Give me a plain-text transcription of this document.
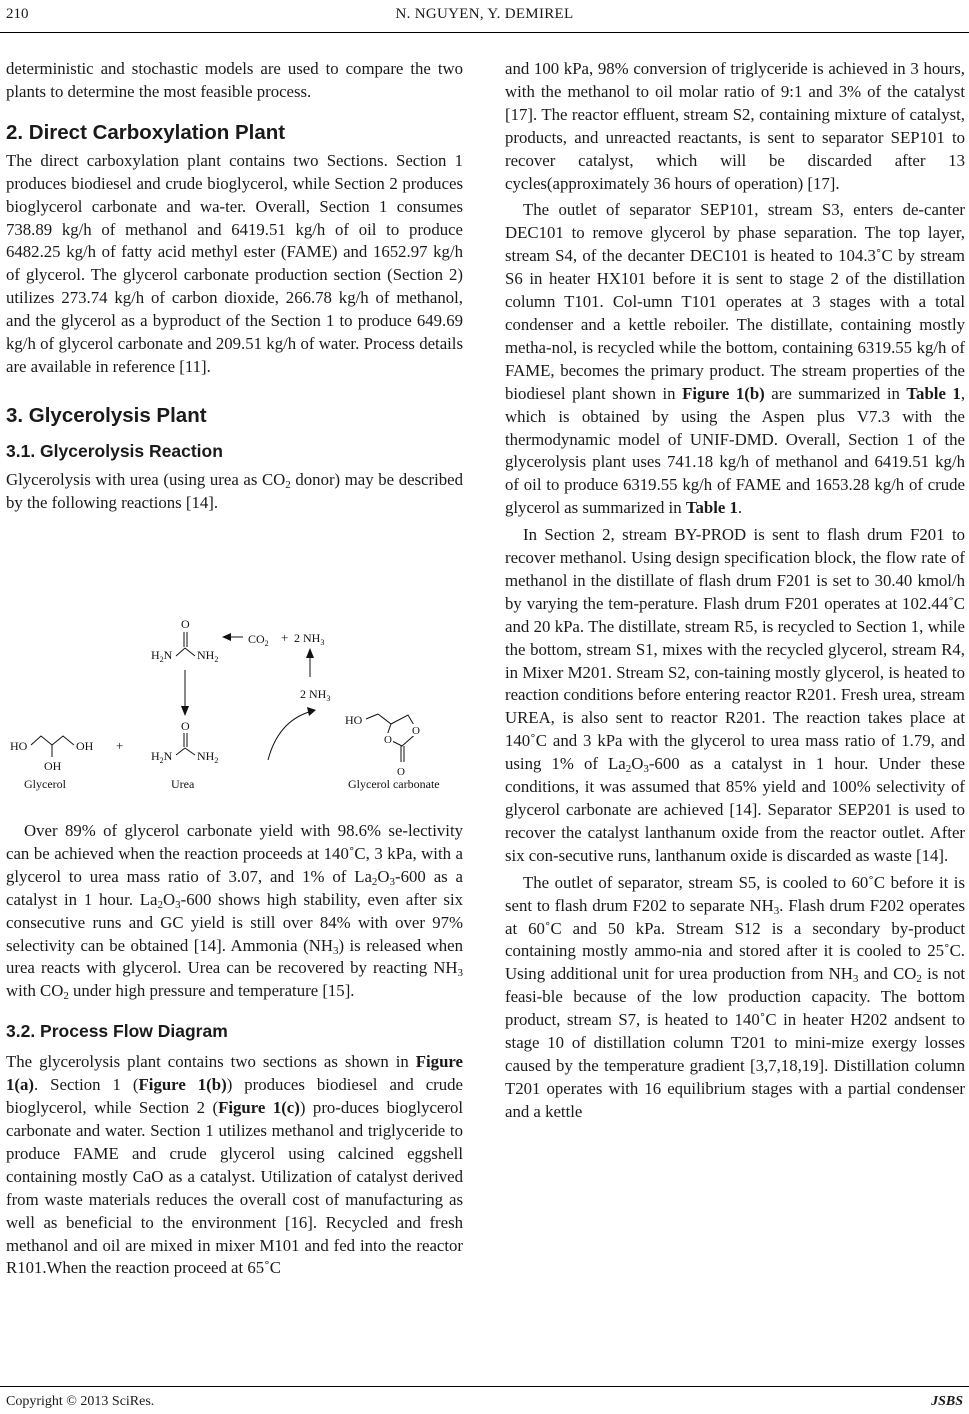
210	N. NGUYEN, Y. DEMIREL

deterministic and stochastic models are used to compare the two plants to determine the most feasible process.

2. Direct Carboxylation Plant

The direct carboxylation plant contains two Sections. Section 1 produces biodiesel and crude bioglycerol, while Section 2 produces bioglycerol carbonate and wa-ter. Overall, Section 1 consumes 738.89 kg/h of methanol and 6419.51 kg/h of oil to produce 6482.25 kg/h of fatty acid methyl ester (FAME) and 1652.97 kg/h of glycerol. The glycerol carbonate production section (Section 2) utilizes 273.74 kg/h of carbon dioxide, 266.78 kg/h of methanol, and the glycerol as a byproduct of the Section 1 to produce 649.69 kg/h of glycerol carbonate and 209.51 kg/h of water. Process details are available in reference [11].

3. Glycerolysis Plant
3.1. Glycerolysis Reaction

Glycerolysis with urea (using urea as $CO_2$ donor) may be described by the following reactions [14].

O
$H_2N$ $NH_2$
$CO_2 + 2$ $NH_3$
2 $NH_3$
HO	OH
OH
+
O
$H_2N$ $NH_2$
HO
O
O
O
Glycerol	Urea	Glycerol carbonate

Over 89% of glycerol carbonate yield with 98.6% se-lectivity can be achieved when the reaction proceeds at 140˚C, 3 kPa, with a glycerol to urea mass ratio of 3.07, and 1% of $La_2O_3-600$ as a catalyst in 1 hour. $La_2O_3-600$ shows high stability, even after six consecutive runs and GC yield is still over 84% with over 97% selectivity can be obtained [14]. Ammonia $(NH_3)$ is released when urea reacts with glycerol. Urea can be recovered by reacting $NH_3$ with $CO_2$ under high pressure and temperature [15].

3.2. Process Flow Diagram

The glycerolysis plant contains two sections as shown in Figure 1(a). Section 1 (Figure 1(b)) produces biodiesel and crude bioglycerol, while Section 2 (Figure 1(c)) pro-duces bioglycerol carbonate and water. Section 1 utilizes methanol and triglyceride to produce FAME and crude glycerol using calcined eggshell containing mostly CaO as a catalyst. Utilization of catalyst derived from waste materials reduces the overall cost of manufacturing as well as beneficial to the environment [16]. Recycled and fresh methanol and oil are mixed in mixer M101 and fed into the reactor R101.When the reaction proceed at 65˚C

and 100 kPa, 98% conversion of triglyceride is achieved in 3 hours, with the methanol to oil molar ratio of 9:1 and 3% of the catalyst [17]. The reactor effluent, stream S2, containing mixture of catalyst, products, and unreacted reactants, is sent to separator SEP101 to recover catalyst, which will be discarded after 13 cycles(approximately 36 hours of operation) [17].

The outlet of separator SEP101, stream S3, enters de-canter DEC101 to remove glycerol by phase separation. The top layer, stream S4, of the decanter DEC101 is heated to 104.3˚C by stream S6 in heater HX101 before it is sent to stage 2 of the distillation column T101. Col-umn T101 operates at 3 stages with a total condenser and a kettle reboiler. The distillate, containing mostly metha-nol, is recycled while the bottom, containing 6319.55 kg/h of FAME, becomes the primary product. The stream properties of the biodiesel plant shown in Figure 1(b) are summarized in Table 1, which is obtained by using the Aspen plus V7.3 with the thermodynamic model of UNIF-DMD. Overall, Section 1 of the glycerolysis plant uses 741.18 kg/h of methanol and 6419.51 kg/h of oil to produce 6319.55 kg/h of FAME and 1653.28 kg/h of crude glycerol as summarized in Table 1.

In Section 2, stream BY-PROD is sent to flash drum F201 to recover methanol. Using design specification block, the flow rate of methanol in the distillate of flash drum F201 is set to 30.40 kmol/h by varying the tem-perature. Flash drum F201 operates at 102.44˚C and 20 kPa. The distillate, stream R5, is recycled to Section 1, while the bottom, stream S1, mixes with the recycled glycerol, stream R4, in Mixer M201. Stream S2, con-taining mostly glycerol, is heated to reaction conditions before entering reactor R201. Fresh urea, stream UREA, is also sent to reactor R201. The reaction takes place at 140˚C and 3 kPa with the glycerol to urea mass ratio of 1.79, and using 1% of $La_2O_3-600$ as a catalyst in 1 hour. Under these conditions, it was assumed that 85% yield and 100% selectivity of glycerol carbonate are achieved [14]. Separator SEP201 is used to recover the catalyst lanthanum oxide from the reactor outlet. After six con-secutive runs, lanthanum oxide is discarded as waste [14].

The outlet of separator, stream S5, is cooled to 60˚C before it is sent to flash drum F202 to separate $NH_3$. Flash drum F202 operates at 60˚C and 50 kPa. Stream S12 is a secondary by-product containing mostly ammo-nia and stored after it is cooled to 25˚C. Using additional unit for urea production from $NH_3$ and $CO_2$ is not feasi-ble because of the low production capacity. The bottom product, stream S7, is heated to 140˚C in heater H202 andsent to stage 10 of distillation column T201 to mini-mize exergy losses caused by the temperature gradient [3,7,18,19]. Distillation column T201 operates with 16 equilibrium stages with a partial condenser and a kettle

Copyright © 2013 SciRes.	JSBS
